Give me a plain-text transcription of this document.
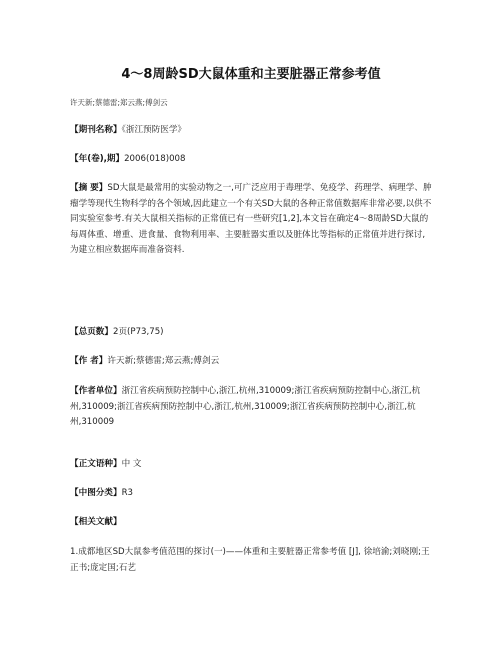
4～8周龄SD大鼠体重和主要脏器正常参考值
许天新;蔡德雷;郑云燕;傅剑云
【期刊名称】《浙江预防医学》
【年(卷),期】2006(018)008
【摘 要】SD大鼠是最常用的实验动物之一,可广泛应用于毒理学、免疫学、药理学、病理学、肿瘤学等现代生物科学的各个领域,因此建立一个有关SD大鼠的各种正常值数据库非常必要,以供不同实验室参考.有关大鼠相关指标的正常值已有一些研究[1,2],本文旨在确定4～8周龄SD大鼠的每周体重、增重、进食量、食物利用率、主要脏器实重以及脏体比等指标的正常值并进行探讨,为建立相应数据库而准备资料.
【总页数】2页(P73,75)
【作 者】许天新;蔡德雷;郑云燕;傅剑云
【作者单位】浙江省疾病预防控制中心,浙江,杭州,310009;浙江省疾病预防控制中心,浙江,杭州,310009;浙江省疾病预防控制中心,浙江,杭州,310009;浙江省疾病预防控制中心,浙江,杭州,310009
【正文语种】中 文
【中图分类】R3
【相关文献】
1.成都地区SD大鼠参考值范围的探讨(一)——体重和主要脏器正常参考值 [J], 徐培渝;刘晓刚;王正书;庞定国;石艺
